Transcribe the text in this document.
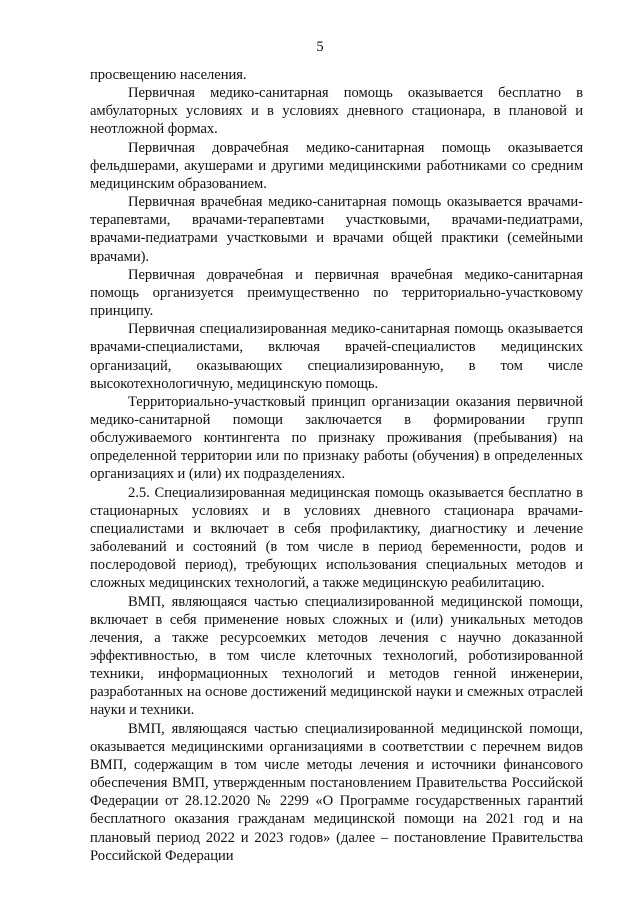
5

просвещению населения.

Первичная медико-санитарная помощь оказывается бесплатно в амбулаторных условиях и в условиях дневного стационара, в плановой и неотложной формах.

Первичная доврачебная медико-санитарная помощь оказывается фельдшерами, акушерами и другими медицинскими работниками со средним медицинским образованием.

Первичная врачебная медико-санитарная помощь оказывается врачами-терапевтами, врачами-терапевтами участковыми, врачами-педиатрами, врачами-педиатрами участковыми и врачами общей практики (семейными врачами).

Первичная доврачебная и первичная врачебная медико-санитарная помощь организуется преимущественно по территориально-участковому принципу.

Первичная специализированная медико-санитарная помощь оказывается врачами-специалистами, включая врачей-специалистов медицинских организаций, оказывающих специализированную, в том числе высокотехнологичную, медицинскую помощь.

Территориально-участковый принцип организации оказания первичной медико-санитарной помощи заключается в формировании групп обслуживаемого контингента по признаку проживания (пребывания) на определенной территории или по признаку работы (обучения) в определенных организациях и (или) их подразделениях.

2.5. Специализированная медицинская помощь оказывается бесплатно в стационарных условиях и в условиях дневного стационара врачами-специалистами и включает в себя профилактику, диагностику и лечение заболеваний и состояний (в том числе в период беременности, родов и послеродовой период), требующих использования специальных методов и сложных медицинских технологий, а также медицинскую реабилитацию.

ВМП, являющаяся частью специализированной медицинской помощи, включает в себя применение новых сложных и (или) уникальных методов лечения, а также ресурсоемких методов лечения с научно доказанной эффективностью, в том числе клеточных технологий, роботизированной техники, информационных технологий и методов генной инженерии, разработанных на основе достижений медицинской науки и смежных отраслей науки и техники.

ВМП, являющаяся частью специализированной медицинской помощи, оказывается медицинскими организациями в соответствии с перечнем видов ВМП, содержащим в том числе методы лечения и источники финансового обеспечения ВМП, утвержденным постановлением Правительства Российской Федерации от 28.12.2020 № 2299 «О Программе государственных гарантий бесплатного оказания гражданам медицинской помощи на 2021 год и на плановый период 2022 и 2023 годов» (далее – постановление Правительства Российской Федерации
